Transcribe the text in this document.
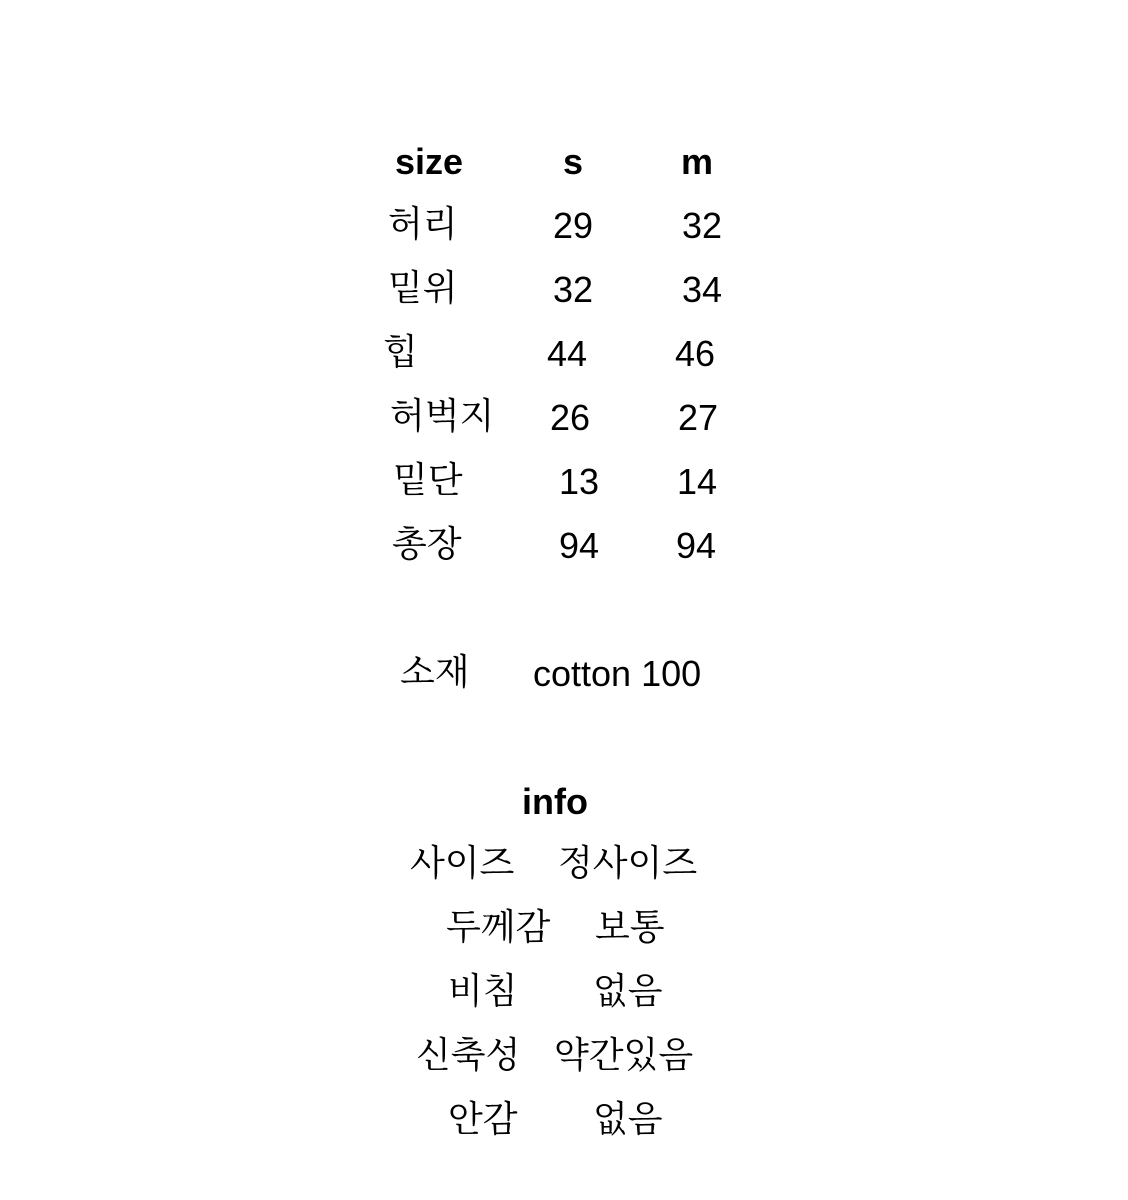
size	s	m
허리	29 32
밑위	32 34
힙	44 46
허벅지 26 27
밑단	13 14
총장	94 94
소재 cotton 100
info
사이즈 정사이즈
두께감 보통
비침 없음
신축성 약간있음
안감 없음
